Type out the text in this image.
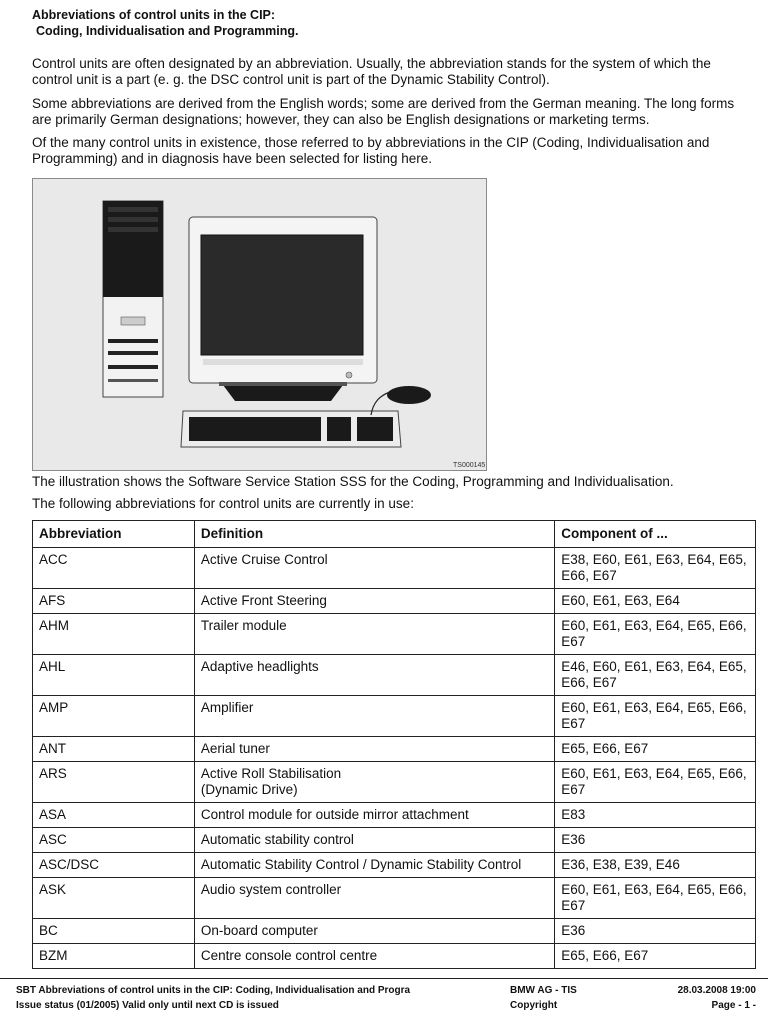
Abbreviations of control units in the CIP:
Coding, Individualisation and Programming.

Control units are often designated by an abbreviation. Usually, the abbreviation stands for the system of which the control unit is a part (e. g. the DSC control unit is part of the Dynamic Stability Control).

Some abbreviations are derived from the English words; some are derived from the German meaning. The long forms are primarily German designations; however, they can also be English designations or marketing terms.

Of the many control units in existence, those referred to by abbreviations in the CIP (Coding, Individualisation and Programming) and in diagnosis have been selected for listing here.

TS000145

The illustration shows the Software Service Station SSS for the Coding, Programming and Individualisation.

The following abbreviations for control units are currently in use:

Abbreviation	Definition	Component of ...
ACC	Active Cruise Control	E38, E60, E61, E63, E64, E65, E66, E67
AFS	Active Front Steering	E60, E61, E63, E64
AHM	Trailer module	E60, E61, E63, E64, E65, E66, E67
AHL	Adaptive headlights	E46, E60, E61, E63, E64, E65, E66, E67
AMP	Amplifier	E60, E61, E63, E64, E65, E66, E67
ANT	Aerial tuner	E65, E66, E67
ARS	Active Roll Stabilisation
(Dynamic Drive)	E60, E61, E63, E64, E65, E66, E67
ASA	Control module for outside mirror attachment	E83
ASC	Automatic stability control	E36
ASC/DSC	Automatic Stability Control / Dynamic Stability Control	E36, E38, E39, E46
ASK	Audio system controller	E60, E61, E63, E64, E65, E66, E67
BC	On-board computer	E36
BZM	Centre console control centre	E65, E66, E67
SBT Abbreviations of control units in the CIP: Coding, Individualisation and Progra
Issue status (01/2005) Valid only until next CD is issued
BMW AG - TIS
Copyright
28.03.2008 19:00
Page - 1 -
